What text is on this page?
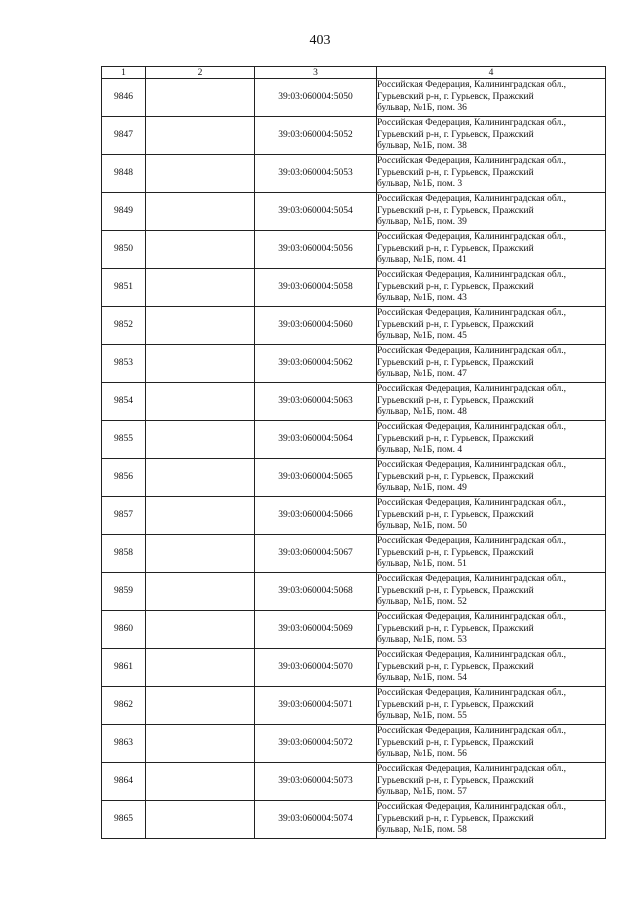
403
1	2	3	4
9846		39:03:060004:5050	Российская Федерация, Калининградская обл.,
Гурьевский р-н, г. Гурьевск, Пражский
бульвар, №1Б, пом. 36

9847		39:03:060004:5052	Российская Федерация, Калининградская обл.,
Гурьевский р-н, г. Гурьевск, Пражский
бульвар, №1Б, пом. 38

9848		39:03:060004:5053	Российская Федерация, Калининградская обл.,
Гурьевский р-н, г. Гурьевск, Пражский
бульвар, №1Б, пом. 3

9849		39:03:060004:5054	Российская Федерация, Калининградская обл.,
Гурьевский р-н, г. Гурьевск, Пражский
бульвар, №1Б, пом. 39

9850		39:03:060004:5056	Российская Федерация, Калининградская обл.,
Гурьевский р-н, г. Гурьевск, Пражский
бульвар, №1Б, пом. 41

9851		39:03:060004:5058	Российская Федерация, Калининградская обл.,
Гурьевский р-н, г. Гурьевск, Пражский
бульвар, №1Б, пом. 43

9852		39:03:060004:5060	Российская Федерация, Калининградская обл.,
Гурьевский р-н, г. Гурьевск, Пражский
бульвар, №1Б, пом. 45

9853		39:03:060004:5062	Российская Федерация, Калининградская обл.,
Гурьевский р-н, г. Гурьевск, Пражский
бульвар, №1Б, пом. 47

9854		39:03:060004:5063	Российская Федерация, Калининградская обл.,
Гурьевский р-н, г. Гурьевск, Пражский
бульвар, №1Б, пом. 48

9855		39:03:060004:5064	Российская Федерация, Калининградская обл.,
Гурьевский р-н, г. Гурьевск, Пражский
бульвар, №1Б, пом. 4

9856		39:03:060004:5065	Российская Федерация, Калининградская обл.,
Гурьевский р-н, г. Гурьевск, Пражский
бульвар, №1Б, пом. 49

9857		39:03:060004:5066	Российская Федерация, Калининградская обл.,
Гурьевский р-н, г. Гурьевск, Пражский
бульвар, №1Б, пом. 50

9858		39:03:060004:5067	Российская Федерация, Калининградская обл.,
Гурьевский р-н, г. Гурьевск, Пражский
бульвар, №1Б, пом. 51

9859		39:03:060004:5068	Российская Федерация, Калининградская обл.,
Гурьевский р-н, г. Гурьевск, Пражский
бульвар, №1Б, пом. 52

9860		39:03:060004:5069	Российская Федерация, Калининградская обл.,
Гурьевский р-н, г. Гурьевск, Пражский
бульвар, №1Б, пом. 53

9861		39:03:060004:5070	Российская Федерация, Калининградская обл.,
Гурьевский р-н, г. Гурьевск, Пражский
бульвар, №1Б, пом. 54

9862		39:03:060004:5071	Российская Федерация, Калининградская обл.,
Гурьевский р-н, г. Гурьевск, Пражский
бульвар, №1Б, пом. 55

9863		39:03:060004:5072	Российская Федерация, Калининградская обл.,
Гурьевский р-н, г. Гурьевск, Пражский
бульвар, №1Б, пом. 56

9864		39:03:060004:5073	Российская Федерация, Калининградская обл.,
Гурьевский р-н, г. Гурьевск, Пражский
бульвар, №1Б, пом. 57

9865		39:03:060004:5074	Российская Федерация, Калининградская обл.,
Гурьевский р-н, г. Гурьевск, Пражский
бульвар, №1Б, пом. 58
